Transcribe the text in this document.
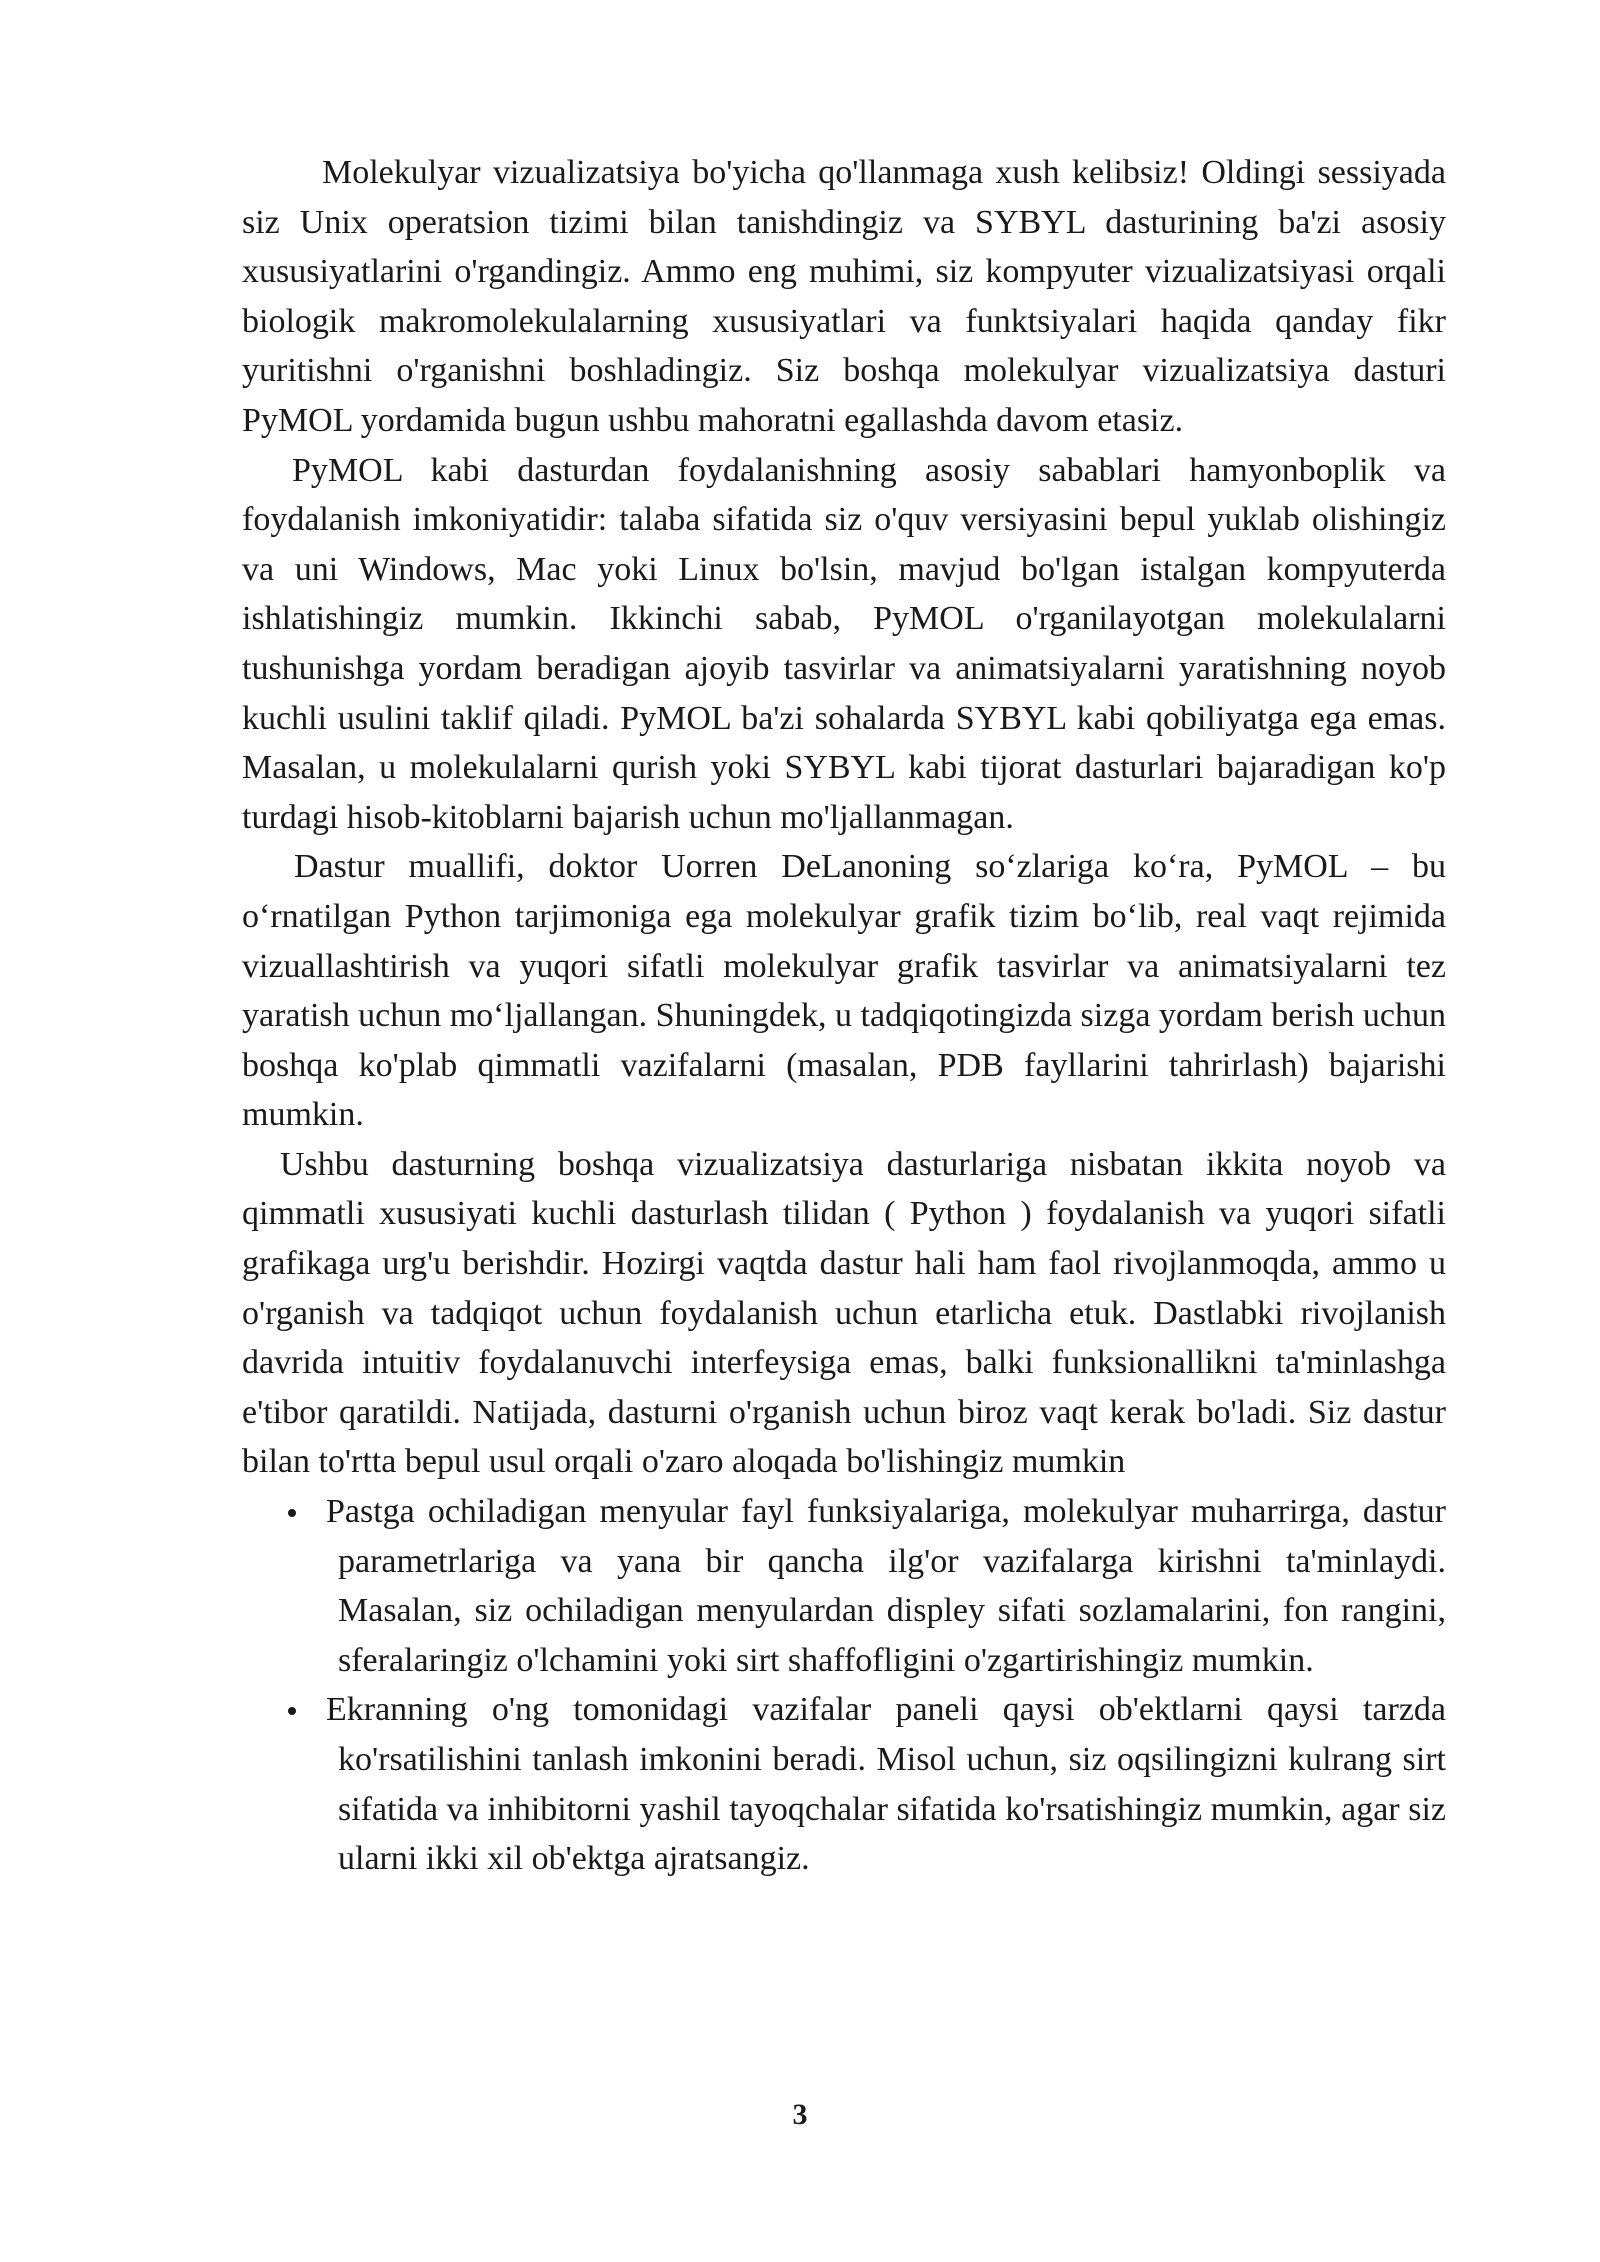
Molekulyar vizualizatsiya bo'yicha qo'llanmaga xush kelibsiz! Oldingi sessiyada siz Unix operatsion tizimi bilan tanishdingiz va SYBYL dasturining ba'zi asosiy xususiyatlarini o'rgandingiz. Ammo eng muhimi, siz kompyuter vizualizatsiyasi orqali biologik makromolekulalarning xususiyatlari va funktsiyalari haqida qanday fikr yuritishni o'rganishni boshladingiz. Siz boshqa molekulyar vizualizatsiya dasturi PyMOL yordamida bugun ushbu mahoratni egallashda davom etasiz.

PyMOL kabi dasturdan foydalanishning asosiy sabablari hamyonboplik va foydalanish imkoniyatidir: talaba sifatida siz o'quv versiyasini bepul yuklab olishingiz va uni Windows, Mac yoki Linux bo'lsin, mavjud bo'lgan istalgan kompyuterda ishlatishingiz mumkin. Ikkinchi sabab, PyMOL o'rganilayotgan molekulalarni tushunishga yordam beradigan ajoyib tasvirlar va animatsiyalarni yaratishning noyob kuchli usulini taklif qiladi. PyMOL ba'zi sohalarda SYBYL kabi qobiliyatga ega emas. Masalan, u molekulalarni qurish yoki SYBYL kabi tijorat dasturlari bajaradigan ko'p turdagi hisob-kitoblarni bajarish uchun mo'ljallanmagan.

Dastur muallifi, doktor Uorren DeLanoning so‘zlariga ko‘ra, PyMOL – bu o‘rnatilgan Python tarjimoniga ega molekulyar grafik tizim bo‘lib, real vaqt rejimida vizuallashtirish va yuqori sifatli molekulyar grafik tasvirlar va animatsiyalarni tez yaratish uchun mo‘ljallangan. Shuningdek, u tadqiqotingizda sizga yordam berish uchun boshqa ko'plab qimmatli vazifalarni (masalan, PDB fayllarini tahrirlash) bajarishi mumkin.

Ushbu dasturning boshqa vizualizatsiya dasturlariga nisbatan ikkita noyob va qimmatli xususiyati kuchli dasturlash tilidan ( Python ) foydalanish va yuqori sifatli grafikaga urg'u berishdir. Hozirgi vaqtda dastur hali ham faol rivojlanmoqda, ammo u o'rganish va tadqiqot uchun foydalanish uchun etarlicha etuk. Dastlabki rivojlanish davrida intuitiv foydalanuvchi interfeysiga emas, balki funksionallikni ta'minlashga e'tibor qaratildi. Natijada, dasturni o'rganish uchun biroz vaqt kerak bo'ladi. Siz dastur bilan to'rtta bepul usul orqali o'zaro aloqada bo'lishingiz mumkin

Pastga ochiladigan menyular fayl funksiyalariga, molekulyar muharrirga, dastur parametrlariga va yana bir qancha ilg'or vazifalarga kirishni ta'minlaydi. Masalan, siz ochiladigan menyulardan displey sifati sozlamalarini, fon rangini, sferalaringiz o'lchamini yoki sirt shaffofligini o'zgartirishingiz mumkin.
Ekranning o'ng tomonidagi vazifalar paneli qaysi ob'ektlarni qaysi tarzda ko'rsatilishini tanlash imkonini beradi. Misol uchun, siz oqsilingizni kulrang sirt sifatida va inhibitorni yashil tayoqchalar sifatida ko'rsatishingiz mumkin, agar siz ularni ikki xil ob'ektga ajratsangiz.
3
